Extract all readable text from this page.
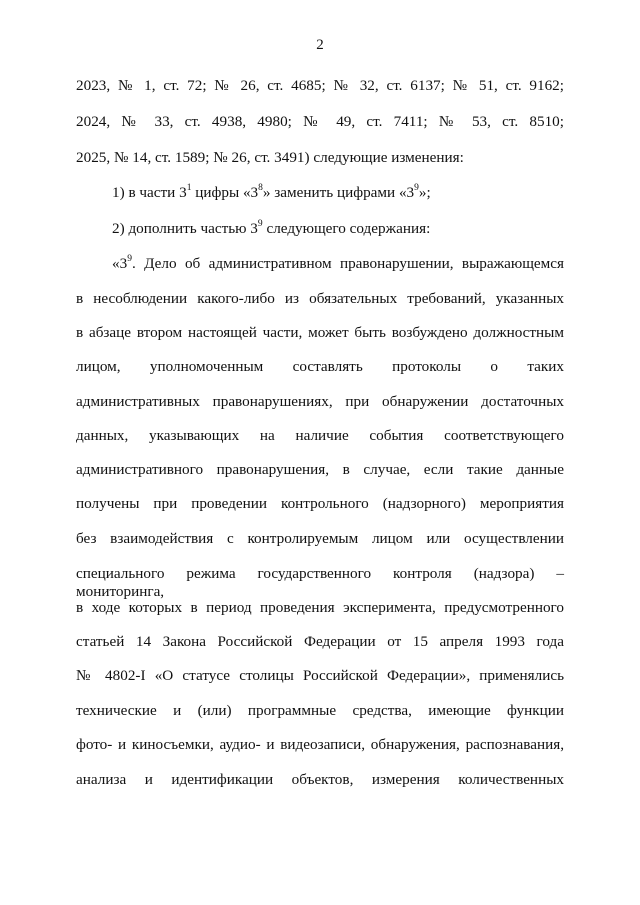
2
2023, № 1, ст. 72; № 26, ст. 4685; № 32, ст. 6137; № 51, ст. 9162;
2024, № 33, ст. 4938, 4980; № 49, ст. 7411; № 53, ст. 8510;
2025, № 14, ст. 1589; № 26, ст. 3491) следующие изменения:
1) в части $3^1$ цифры «$3^8$» заменить цифрами «$3^9$»;
2) дополнить частью $3^9$ следующего содержания:
«$3^9$. Дело об административном правонарушении, выражающемся
в несоблюдении какого-либо из обязательных требований, указанных
в абзаце втором настоящей части, может быть возбуждено должностным
лицом, уполномоченным составлять протоколы о таких
административных правонарушениях, при обнаружении достаточных
данных, указывающих на наличие события соответствующего
административного правонарушения, в случае, если такие данные
получены при проведении контрольного (надзорного) мероприятия
без взаимодействия с контролируемым лицом или осуществлении
специального режима государственного контроля (надзора) – мониторинга,
в ходе которых в период проведения эксперимента, предусмотренного
статьей 14 Закона Российской Федерации от 15 апреля 1993 года
№ 4802-I «О статусе столицы Российской Федерации», применялись
технические и (или) программные средства, имеющие функции
фото- и киносъемки, аудио- и видеозаписи, обнаружения, распознавания,
анализа и идентификации объектов, измерения количественных
